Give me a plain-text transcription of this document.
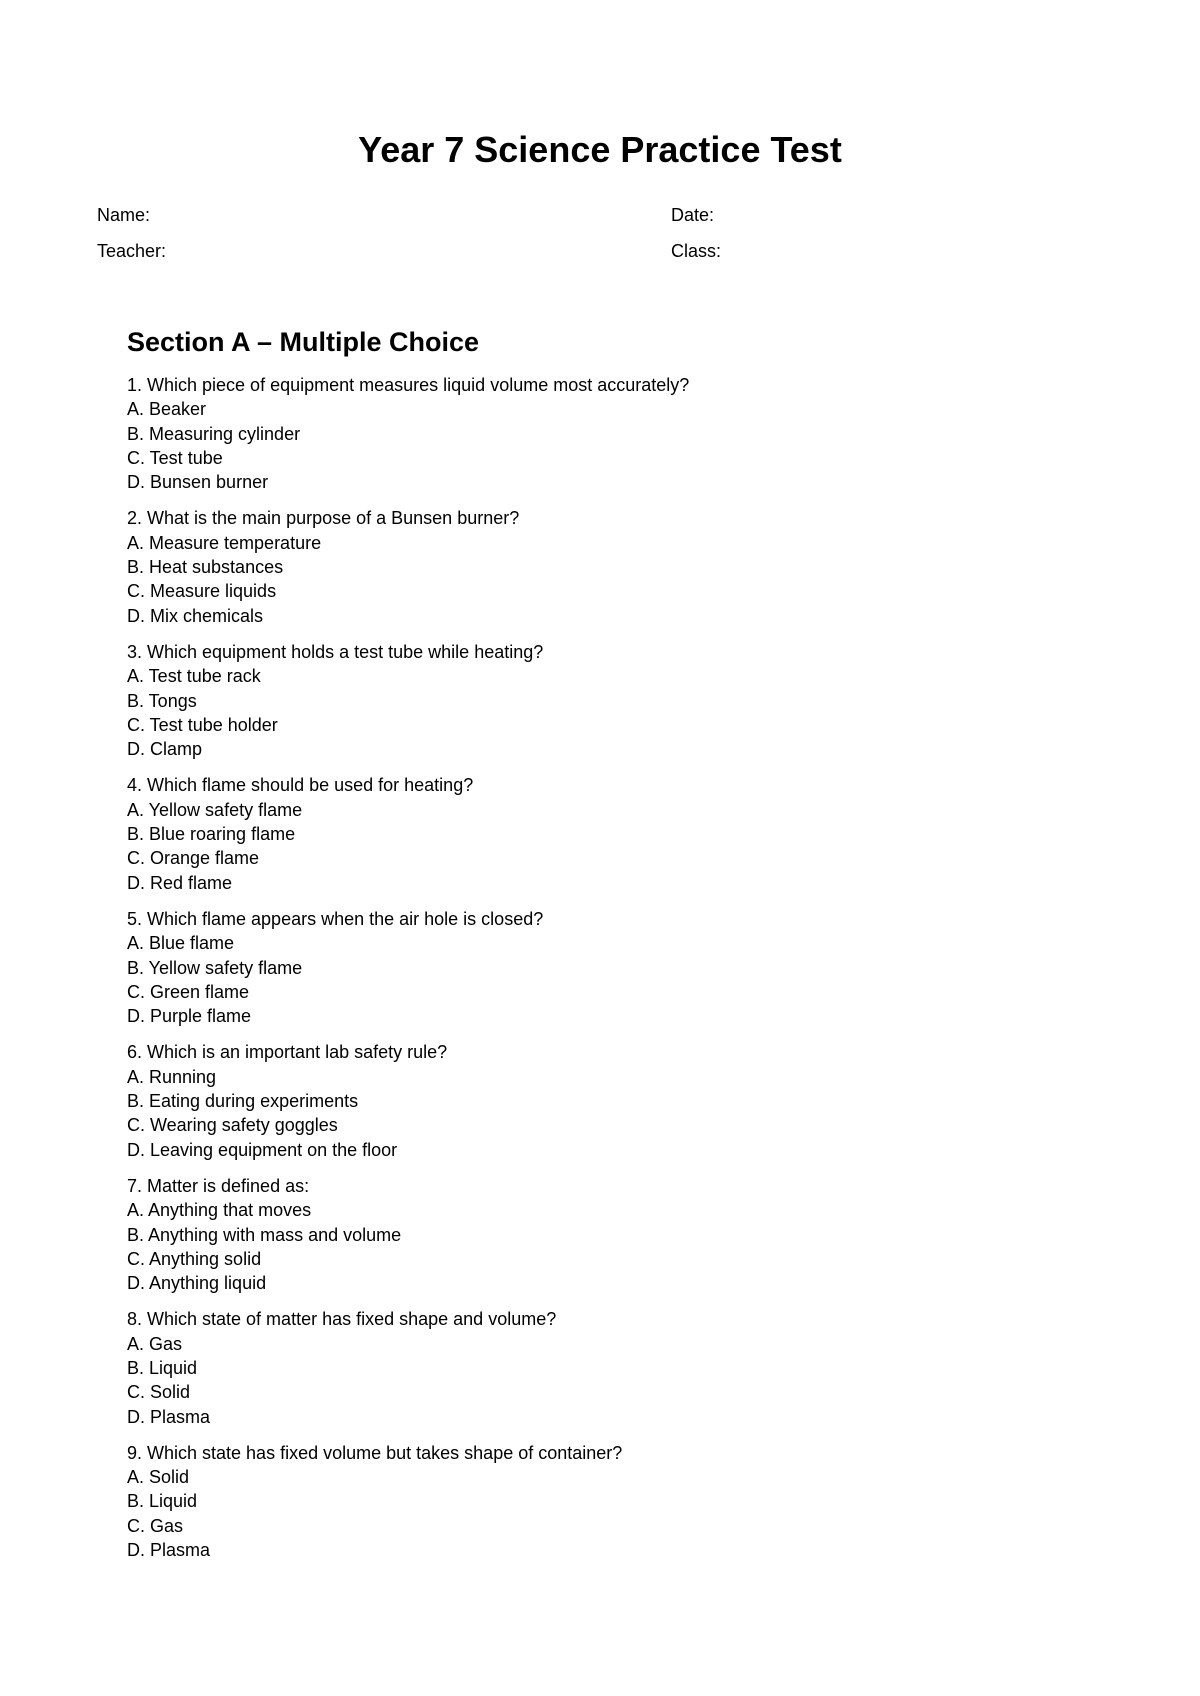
Year 7 Science Practice Test
Name:	Date:
Teacher:	Class:
Section A – Multiple Choice

1. Which piece of equipment measures liquid volume most accurately?

A. Beaker

B. Measuring cylinder

C. Test tube

D. Bunsen burner

2. What is the main purpose of a Bunsen burner?

A. Measure temperature

B. Heat substances

C. Measure liquids

D. Mix chemicals

3. Which equipment holds a test tube while heating?

A. Test tube rack

B. Tongs

C. Test tube holder

D. Clamp

4. Which flame should be used for heating?

A. Yellow safety flame

B. Blue roaring flame

C. Orange flame

D. Red flame

5. Which flame appears when the air hole is closed?

A. Blue flame

B. Yellow safety flame

C. Green flame

D. Purple flame

6. Which is an important lab safety rule?

A. Running

B. Eating during experiments

C. Wearing safety goggles

D. Leaving equipment on the floor

7. Matter is defined as:

A. Anything that moves

B. Anything with mass and volume

C. Anything solid

D. Anything liquid

8. Which state of matter has fixed shape and volume?

A. Gas

B. Liquid

C. Solid

D. Plasma

9. Which state has fixed volume but takes shape of container?

A. Solid

B. Liquid

C. Gas

D. Plasma
